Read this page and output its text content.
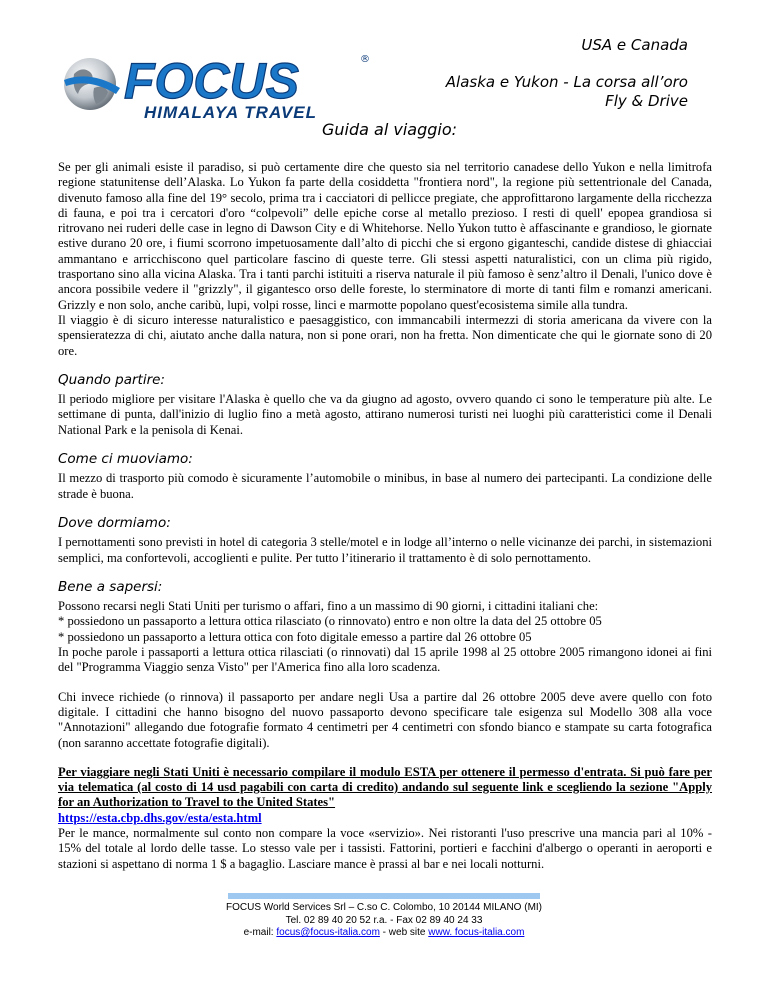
FOCUS	®
HIMALAYA TRAVEL
USA e Canada
Alaska e Yukon - La corsa all’oro
Fly & Drive
Guida al viaggio:

Se per gli animali esiste il paradiso, si può certamente dire che questo sia nel territorio canadese dello Yukon e nella limitrofa regione statunitense dell’Alaska. Lo Yukon fa parte della cosiddetta "frontiera nord", la regione più settentrionale del Canada, divenuto famoso alla fine del 19° secolo, prima tra i cacciatori di pellicce pregiate, che approfittarono largamente della ricchezza di fauna, e poi tra i cercatori d'oro “colpevoli” delle epiche corse al metallo prezioso. I resti di quell' epopea grandiosa si ritrovano nei ruderi delle case in legno di Dawson City e di Whitehorse. Nello Yukon tutto è affascinante e grandioso, le giornate estive durano 20 ore, i fiumi scorrono impetuosamente dall’alto di picchi che si ergono giganteschi, candide distese di ghiacciai ammantano e arricchiscono quel particolare fascino di queste terre. Gli stessi aspetti naturalistici, con un clima più rigido, trasportano sino alla vicina Alaska. Tra i tanti parchi istituiti a riserva naturale il più famoso è senz’altro il Denali, l'unico dove è ancora possibile vedere il "grizzly", il gigantesco orso delle foreste, lo sterminatore di morte di tanti film e romanzi americani. Grizzly e non solo, anche caribù, lupi, volpi rosse, linci e marmotte popolano quest'ecosistema simile alla tundra.

Il viaggio è di sicuro interesse naturalistico e paesaggistico, con immancabili intermezzi di storia americana da vivere con la spensieratezza di chi, aiutato anche dalla natura, non si pone orari, non ha fretta. Non dimenticate che qui le giornate sono di 20 ore.

Quando partire:

Il periodo migliore per visitare l'Alaska è quello che va da giugno ad agosto, ovvero quando ci sono le temperature più alte. Le settimane di punta, dall'inizio di luglio fino a metà agosto, attirano numerosi turisti nei luoghi più caratteristici come il Denali National Park e la penisola di Kenai.

Come ci muoviamo:

Il mezzo di trasporto più comodo è sicuramente l’automobile o minibus, in base al numero dei partecipanti. La condizione delle strade è buona.

Dove dormiamo:

I pernottamenti sono previsti in hotel di categoria 3 stelle/motel e in lodge all’interno o nelle vicinanze dei parchi, in sistemazioni semplici, ma confortevoli, accoglienti e pulite. Per tutto l’itinerario il trattamento è di solo pernottamento.

Bene a sapersi:

Possono recarsi negli Stati Uniti per turismo o affari, fino a un massimo di 90 giorni, i cittadini italiani che:

* possiedono un passaporto a lettura ottica rilasciato (o rinnovato) entro e non oltre la data del 25 ottobre 05

* possiedono un passaporto a lettura ottica con foto digitale emesso a partire dal 26 ottobre 05

In poche parole i passaporti a lettura ottica rilasciati (o rinnovati) dal 15 aprile 1998 al 25 ottobre 2005 rimangono idonei ai fini del "Programma Viaggio senza Visto" per l'America fino alla loro scadenza.

Chi invece richiede (o rinnova) il passaporto per andare negli Usa a partire dal 26 ottobre 2005 deve avere quello con foto digitale. I cittadini che hanno bisogno del nuovo passaporto devono specificare tale esigenza sul Modello 308 alla voce "Annotazioni" allegando due fotografie formato 4 centimetri per 4 centimetri con sfondo bianco e stampate su carta fotografica (non saranno accettate fotografie digitali).

Per viaggiare negli Stati Uniti è necessario compilare il modulo ESTA per ottenere il permesso d'entrata. Si può fare per via telematica (al costo di 14 usd pagabili con carta di credito) andando sul seguente link e scegliendo la sezione "Apply for an Authorization to Travel to the United States"
https://esta.cbp.dhs.gov/esta/esta.html

Per le mance, normalmente sul conto non compare la voce «servizio». Nei ristoranti l'uso prescrive una mancia pari al 10% - 15% del totale al lordo delle tasse. Lo stesso vale per i tassisti. Fattorini, portieri e facchini d'albergo o operanti in aeroporti e stazioni si aspettano di norma 1 $ a bagaglio. Lasciare mance è prassi al bar e nei locali notturni.

FOCUS World Services Srl – C.so C. Colombo, 10 20144 MILANO (MI)
Tel. 02 89 40 20 52 r.a. - Fax 02 89 40 24 33
e-mail: focus@focus-italia.com - web site www. focus-italia.com
